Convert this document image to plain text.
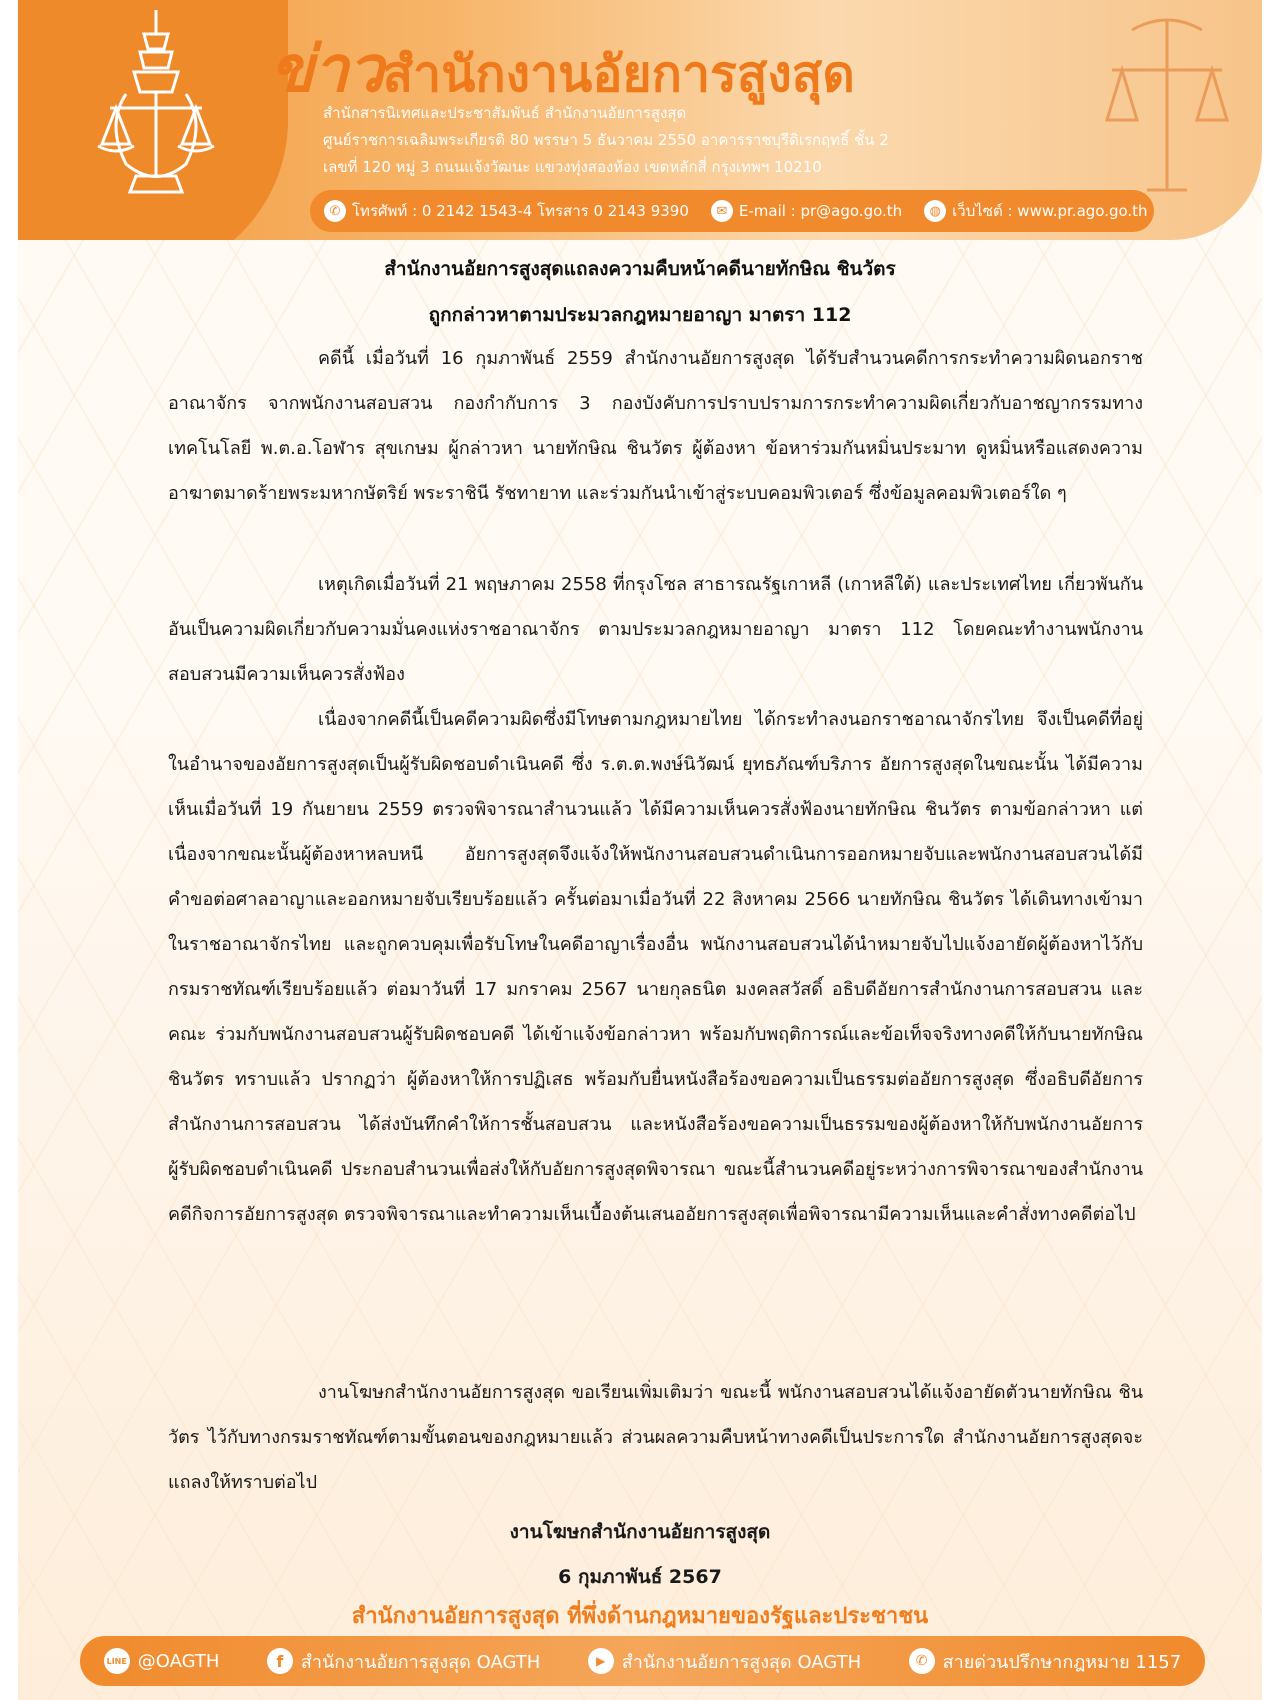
ข่าวสำนักงานอัยการสูงสุด
สำนักสารนิเทศและประชาสัมพันธ์ สำนักงานอัยการสูงสุด
ศูนย์ราชการเฉลิมพระเกียรติ 80 พรรษา 5 ธันวาคม 2550 อาคารราชบุรีดิเรกฤทธิ์ ชั้น 2
เลขที่ 120 หมู่ 3 ถนนแจ้งวัฒนะ แขวงทุ่งสองห้อง เขตหลักสี่ กรุงเทพฯ 10210
✆ โทรศัพท์ : 0 2142 1543-4 โทรสาร 0 2143 9390	✉ E-mail : pr@ago.go.th	◍ เว็บไซต์ : www.pr.ago.go.th
สำนักงานอัยการสูงสุดแถลงความคืบหน้าคดีนายทักษิณ ชินวัตร
ถูกกล่าวหาตามประมวลกฎหมายอาญา มาตรา 112
คดีนี้ เมื่อวันที่ 16 กุมภาพันธ์ 2559 สำนักงานอัยการสูงสุด ได้รับสำนวนคดีการกระทำความผิดนอกราชอาณาจักร จากพนักงานสอบสวน กองกำกับการ 3 กองบังคับการปราบปรามการกระทำความผิดเกี่ยวกับอาชญากรรมทางเทคโนโลยี พ.ต.อ.โอฬาร สุขเกษม ผู้กล่าวหา นายทักษิณ ชินวัตร ผู้ต้องหา ข้อหาร่วมกันหมิ่นประมาท ดูหมิ่นหรือแสดงความอาฆาตมาดร้ายพระมหากษัตริย์ พระราชินี รัชทายาท และร่วมกันนำเข้าสู่ระบบคอมพิวเตอร์ ซึ่งข้อมูลคอมพิวเตอร์ใด ๆ
เหตุเกิดเมื่อวันที่ 21 พฤษภาคม 2558 ที่กรุงโซล สาธารณรัฐเกาหลี (เกาหลีใต้) และประเทศไทย เกี่ยวพันกันอันเป็นความผิดเกี่ยวกับความมั่นคงแห่งราชอาณาจักร ตามประมวลกฎหมายอาญา มาตรา 112 โดยคณะทำงานพนักงานสอบสวนมีความเห็นควรสั่งฟ้อง
เนื่องจากคดีนี้เป็นคดีความผิดซึ่งมีโทษตามกฎหมายไทย ได้กระทำลงนอกราชอาณาจักรไทย จึงเป็นคดีที่อยู่ในอำนาจของอัยการสูงสุดเป็นผู้รับผิดชอบดำเนินคดี ซึ่ง ร.ต.ต.พงษ์นิวัฒน์ ยุทธภัณฑ์บริภาร อัยการสูงสุดในขณะนั้น ได้มีความเห็นเมื่อวันที่ 19 กันยายน 2559 ตรวจพิจารณาสำนวนแล้ว ได้มีความเห็นควรสั่งฟ้องนายทักษิณ ชินวัตร ตามข้อกล่าวหา แต่เนื่องจากขณะนั้นผู้ต้องหาหลบหนี อัยการสูงสุดจึงแจ้งให้พนักงานสอบสวนดำเนินการออกหมายจับและพนักงานสอบสวนได้มีคำขอต่อศาลอาญาและออกหมายจับเรียบร้อยแล้ว ครั้นต่อมาเมื่อวันที่ 22 สิงหาคม 2566 นายทักษิณ ชินวัตร ได้เดินทางเข้ามาในราชอาณาจักรไทย และถูกควบคุมเพื่อรับโทษในคดีอาญาเรื่องอื่น พนักงานสอบสวนได้นำหมายจับไปแจ้งอายัดผู้ต้องหาไว้กับกรมราชทัณฑ์เรียบร้อยแล้ว ต่อมาวันที่ 17 มกราคม 2567 นายกุลธนิต มงคลสวัสดิ์ อธิบดีอัยการสำนักงานการสอบสวน และคณะ ร่วมกับพนักงานสอบสวนผู้รับผิดชอบคดี ได้เข้าแจ้งข้อกล่าวหา พร้อมกับพฤติการณ์และข้อเท็จจริงทางคดีให้กับนายทักษิณ ชินวัตร ทราบแล้ว ปรากฏว่า ผู้ต้องหาให้การปฏิเสธ พร้อมกับยื่นหนังสือร้องขอความเป็นธรรมต่ออัยการสูงสุด ซึ่งอธิบดีอัยการ สำนักงานการสอบสวน ได้ส่งบันทึกคำให้การชั้นสอบสวน และหนังสือร้องขอความเป็นธรรมของผู้ต้องหาให้กับพนักงานอัยการผู้รับผิดชอบดำเนินคดี ประกอบสำนวนเพื่อส่งให้กับอัยการสูงสุดพิจารณา ขณะนี้สำนวนคดีอยู่ระหว่างการพิจารณาของสำนักงานคดีกิจการอัยการสูงสุด ตรวจพิจารณาและทำความเห็นเบื้องต้นเสนออัยการสูงสุดเพื่อพิจารณามีความเห็นและคำสั่งทางคดีต่อไป
งานโฆษกสำนักงานอัยการสูงสุด ขอเรียนเพิ่มเติมว่า ขณะนี้ พนักงานสอบสวนได้แจ้งอายัดตัวนายทักษิณ ชินวัตร ไว้กับทางกรมราชทัณฑ์ตามขั้นตอนของกฎหมายแล้ว ส่วนผลความคืบหน้าทางคดีเป็นประการใด สำนักงานอัยการสูงสุดจะแถลงให้ทราบต่อไป
งานโฆษกสำนักงานอัยการสูงสุด
6 กุมภาพันธ์ 2567
สำนักงานอัยการสูงสุด ที่พึ่งด้านกฎหมายของรัฐและประชาชน
LINE @OAGTH	f สำนักงานอัยการสูงสุด OAGTH	▶ สำนักงานอัยการสูงสุด OAGTH	✆ สายด่วนปรึกษากฎหมาย 1157
